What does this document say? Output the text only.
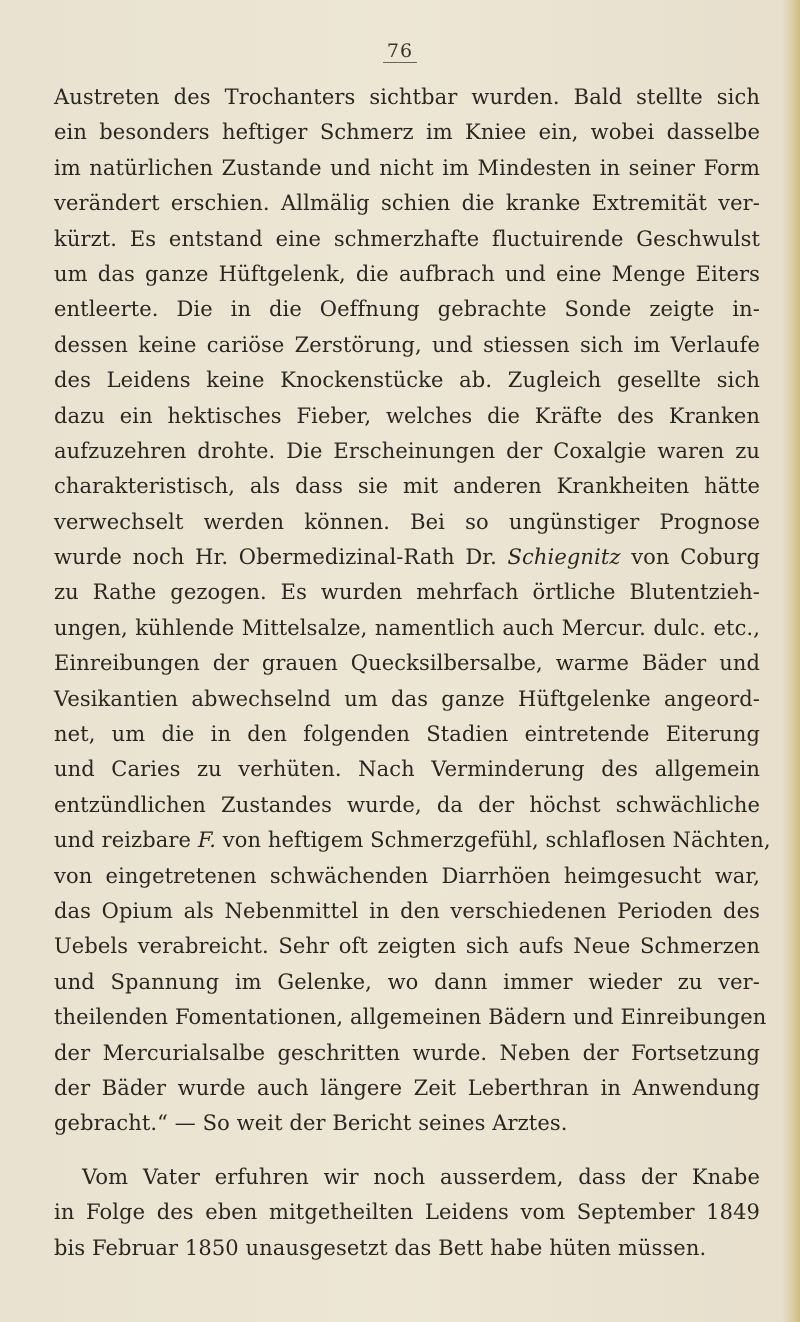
76
Austreten des Trochanters sichtbar wurden. Bald stellte sich
ein besonders heftiger Schmerz im Kniee ein, wobei dasselbe
im natürlichen Zustande und nicht im Mindesten in seiner Form
verändert erschien. Allmälig schien die kranke Extremität ver-
kürzt. Es entstand eine schmerzhafte fluctuirende Geschwulst
um das ganze Hüftgelenk, die aufbrach und eine Menge Eiters
entleerte. Die in die Oeffnung gebrachte Sonde zeigte in-
dessen keine cariöse Zerstörung, und stiessen sich im Verlaufe
des Leidens keine Knockenstücke ab. Zugleich gesellte sich
dazu ein hektisches Fieber, welches die Kräfte des Kranken
aufzuzehren drohte. Die Erscheinungen der Coxalgie waren zu
charakteristisch, als dass sie mit anderen Krankheiten hätte
verwechselt werden können. Bei so ungünstiger Prognose
wurde noch Hr. Obermedizinal-Rath Dr. Schiegnitz von Coburg
zu Rathe gezogen. Es wurden mehrfach örtliche Blutentzieh-
ungen, kühlende Mittelsalze, namentlich auch Mercur. dulc. etc.,
Einreibungen der grauen Quecksilbersalbe, warme Bäder und
Vesikantien abwechselnd um das ganze Hüftgelenke angeord-
net, um die in den folgenden Stadien eintretende Eiterung
und Caries zu verhüten. Nach Verminderung des allgemein
entzündlichen Zustandes wurde, da der höchst schwächliche
und reizbare F. von heftigem Schmerzgefühl, schlaflosen Nächten,
von eingetretenen schwächenden Diarrhöen heimgesucht war,
das Opium als Nebenmittel in den verschiedenen Perioden des
Uebels verabreicht. Sehr oft zeigten sich aufs Neue Schmerzen
und Spannung im Gelenke, wo dann immer wieder zu ver-
theilenden Fomentationen, allgemeinen Bädern und Einreibungen
der Mercurialsalbe geschritten wurde. Neben der Fortsetzung
der Bäder wurde auch längere Zeit Leberthran in Anwendung
gebracht.“ — So weit der Bericht seines Arztes.
Vom Vater erfuhren wir noch ausserdem, dass der Knabe
in Folge des eben mitgetheilten Leidens vom September 1849
bis Februar 1850 unausgesetzt das Bett habe hüten müssen.
